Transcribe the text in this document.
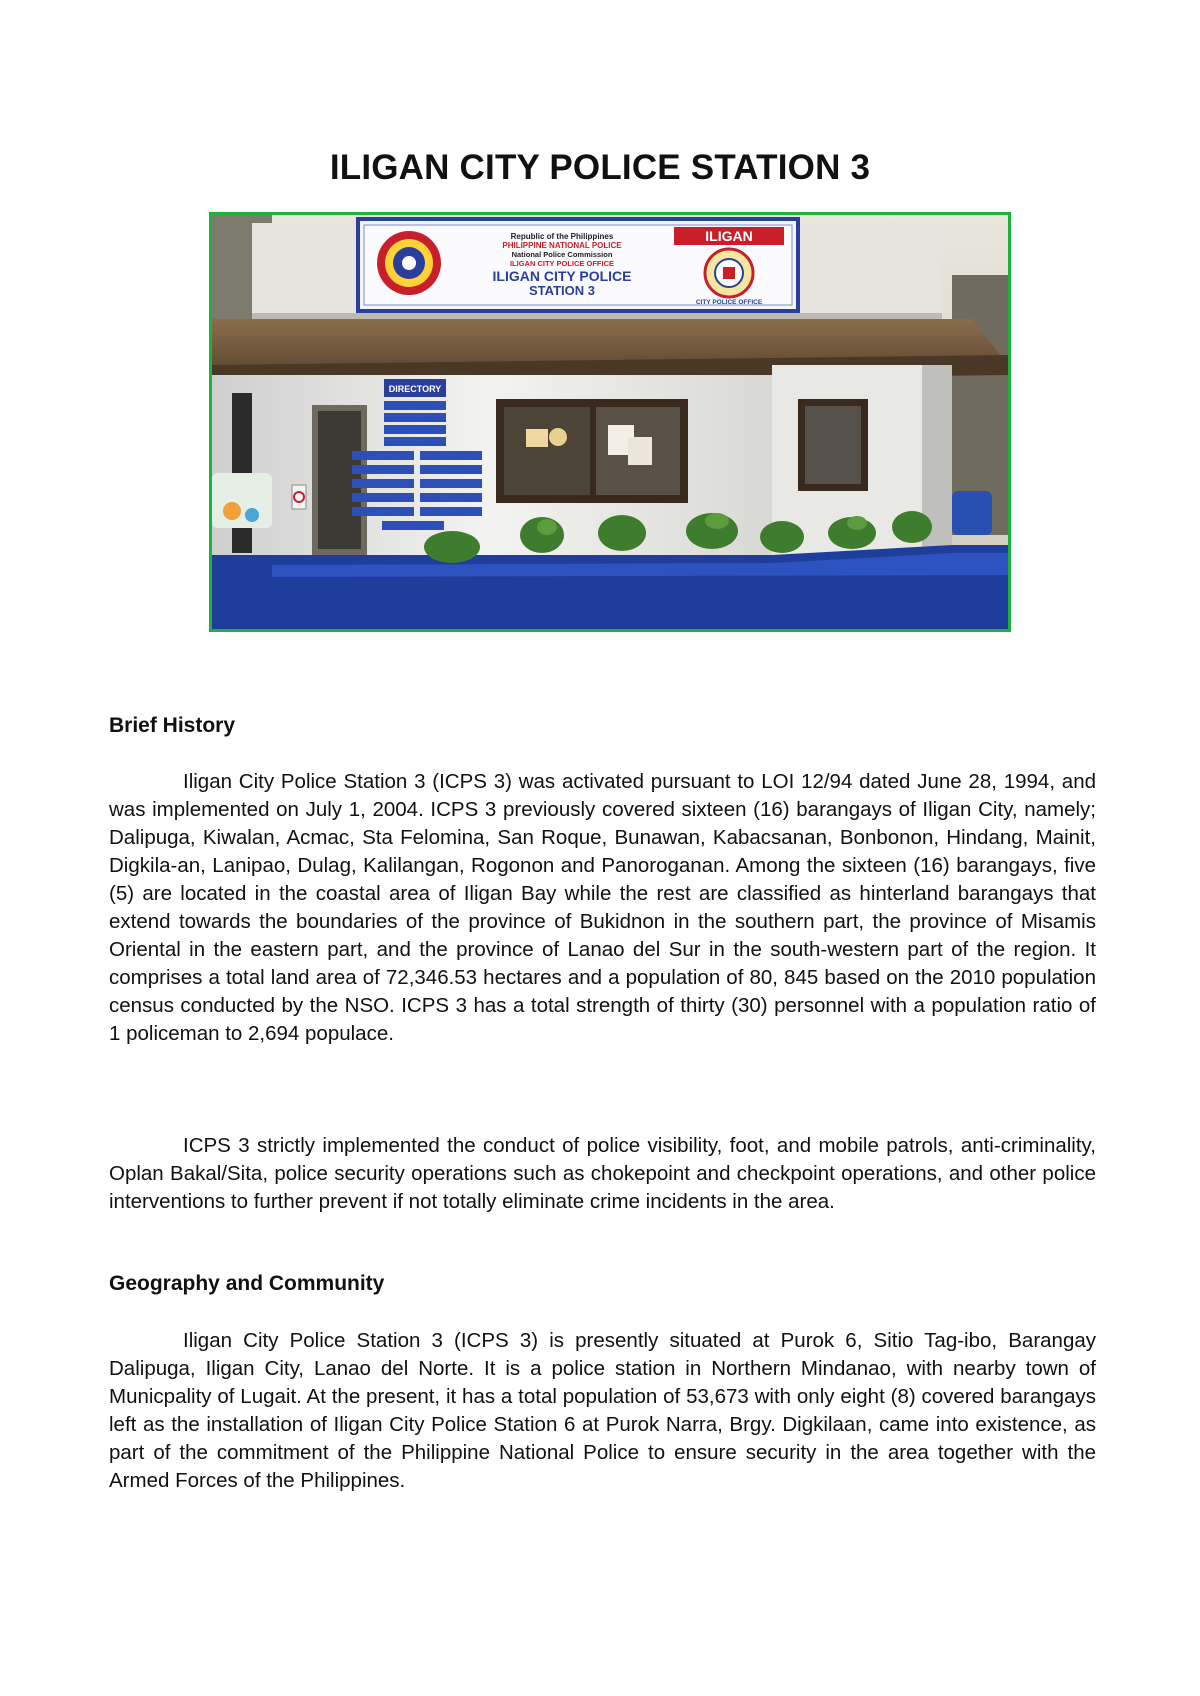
ILIGAN CITY POLICE STATION 3
DIRECTORY
Republic of the Philippines
PHILIPPINE NATIONAL POLICE
National Police Commission
ILIGAN CITY POLICE OFFICE
ILIGAN CITY POLICE
STATION 3
ILIGAN
CITY POLICE OFFICE
Brief History

Iligan City Police Station 3 (ICPS 3) was activated pursuant to LOI 12/94 dated June 28, 1994, and was implemented on July 1, 2004. ICPS 3 previously covered sixteen (16) barangays of Iligan City, namely; Dalipuga, Kiwalan, Acmac, Sta Felomina, San Roque, Bunawan, Kabacsanan, Bonbonon, Hindang, Mainit, Digkila-an, Lanipao, Dulag, Kalilangan, Rogonon and Panoroganan. Among the sixteen (16) barangays, five (5) are located in the coastal area of Iligan Bay while the rest are classified as hinterland barangays that extend towards the boundaries of the province of Bukidnon in the southern part, the province of Misamis Oriental in the eastern part, and the province of Lanao del Sur in the south-western part of the region. It comprises a total land area of 72,346.53 hectares and a population of 80, 845 based on the 2010 population census conducted by the NSO. ICPS 3 has a total strength of thirty (30) personnel with a population ratio of 1 policeman to 2,694 populace.

ICPS 3 strictly implemented the conduct of police visibility, foot, and mobile patrols, anti-criminality, Oplan Bakal/Sita, police security operations such as chokepoint and checkpoint operations, and other police interventions to further prevent if not totally eliminate crime incidents in the area.

Geography and Community

Iligan City Police Station 3 (ICPS 3) is presently situated at Purok 6, Sitio Tag-ibo, Barangay Dalipuga, Iligan City, Lanao del Norte. It is a police station in Northern Mindanao, with nearby town of Municpality of Lugait. At the present, it has a total population of 53,673 with only eight (8) covered barangays left as the installation of Iligan City Police Station 6 at Purok Narra, Brgy. Digkilaan, came into existence, as part of the commitment of the Philippine National Police to ensure security in the area together with the Armed Forces of the Philippines.
